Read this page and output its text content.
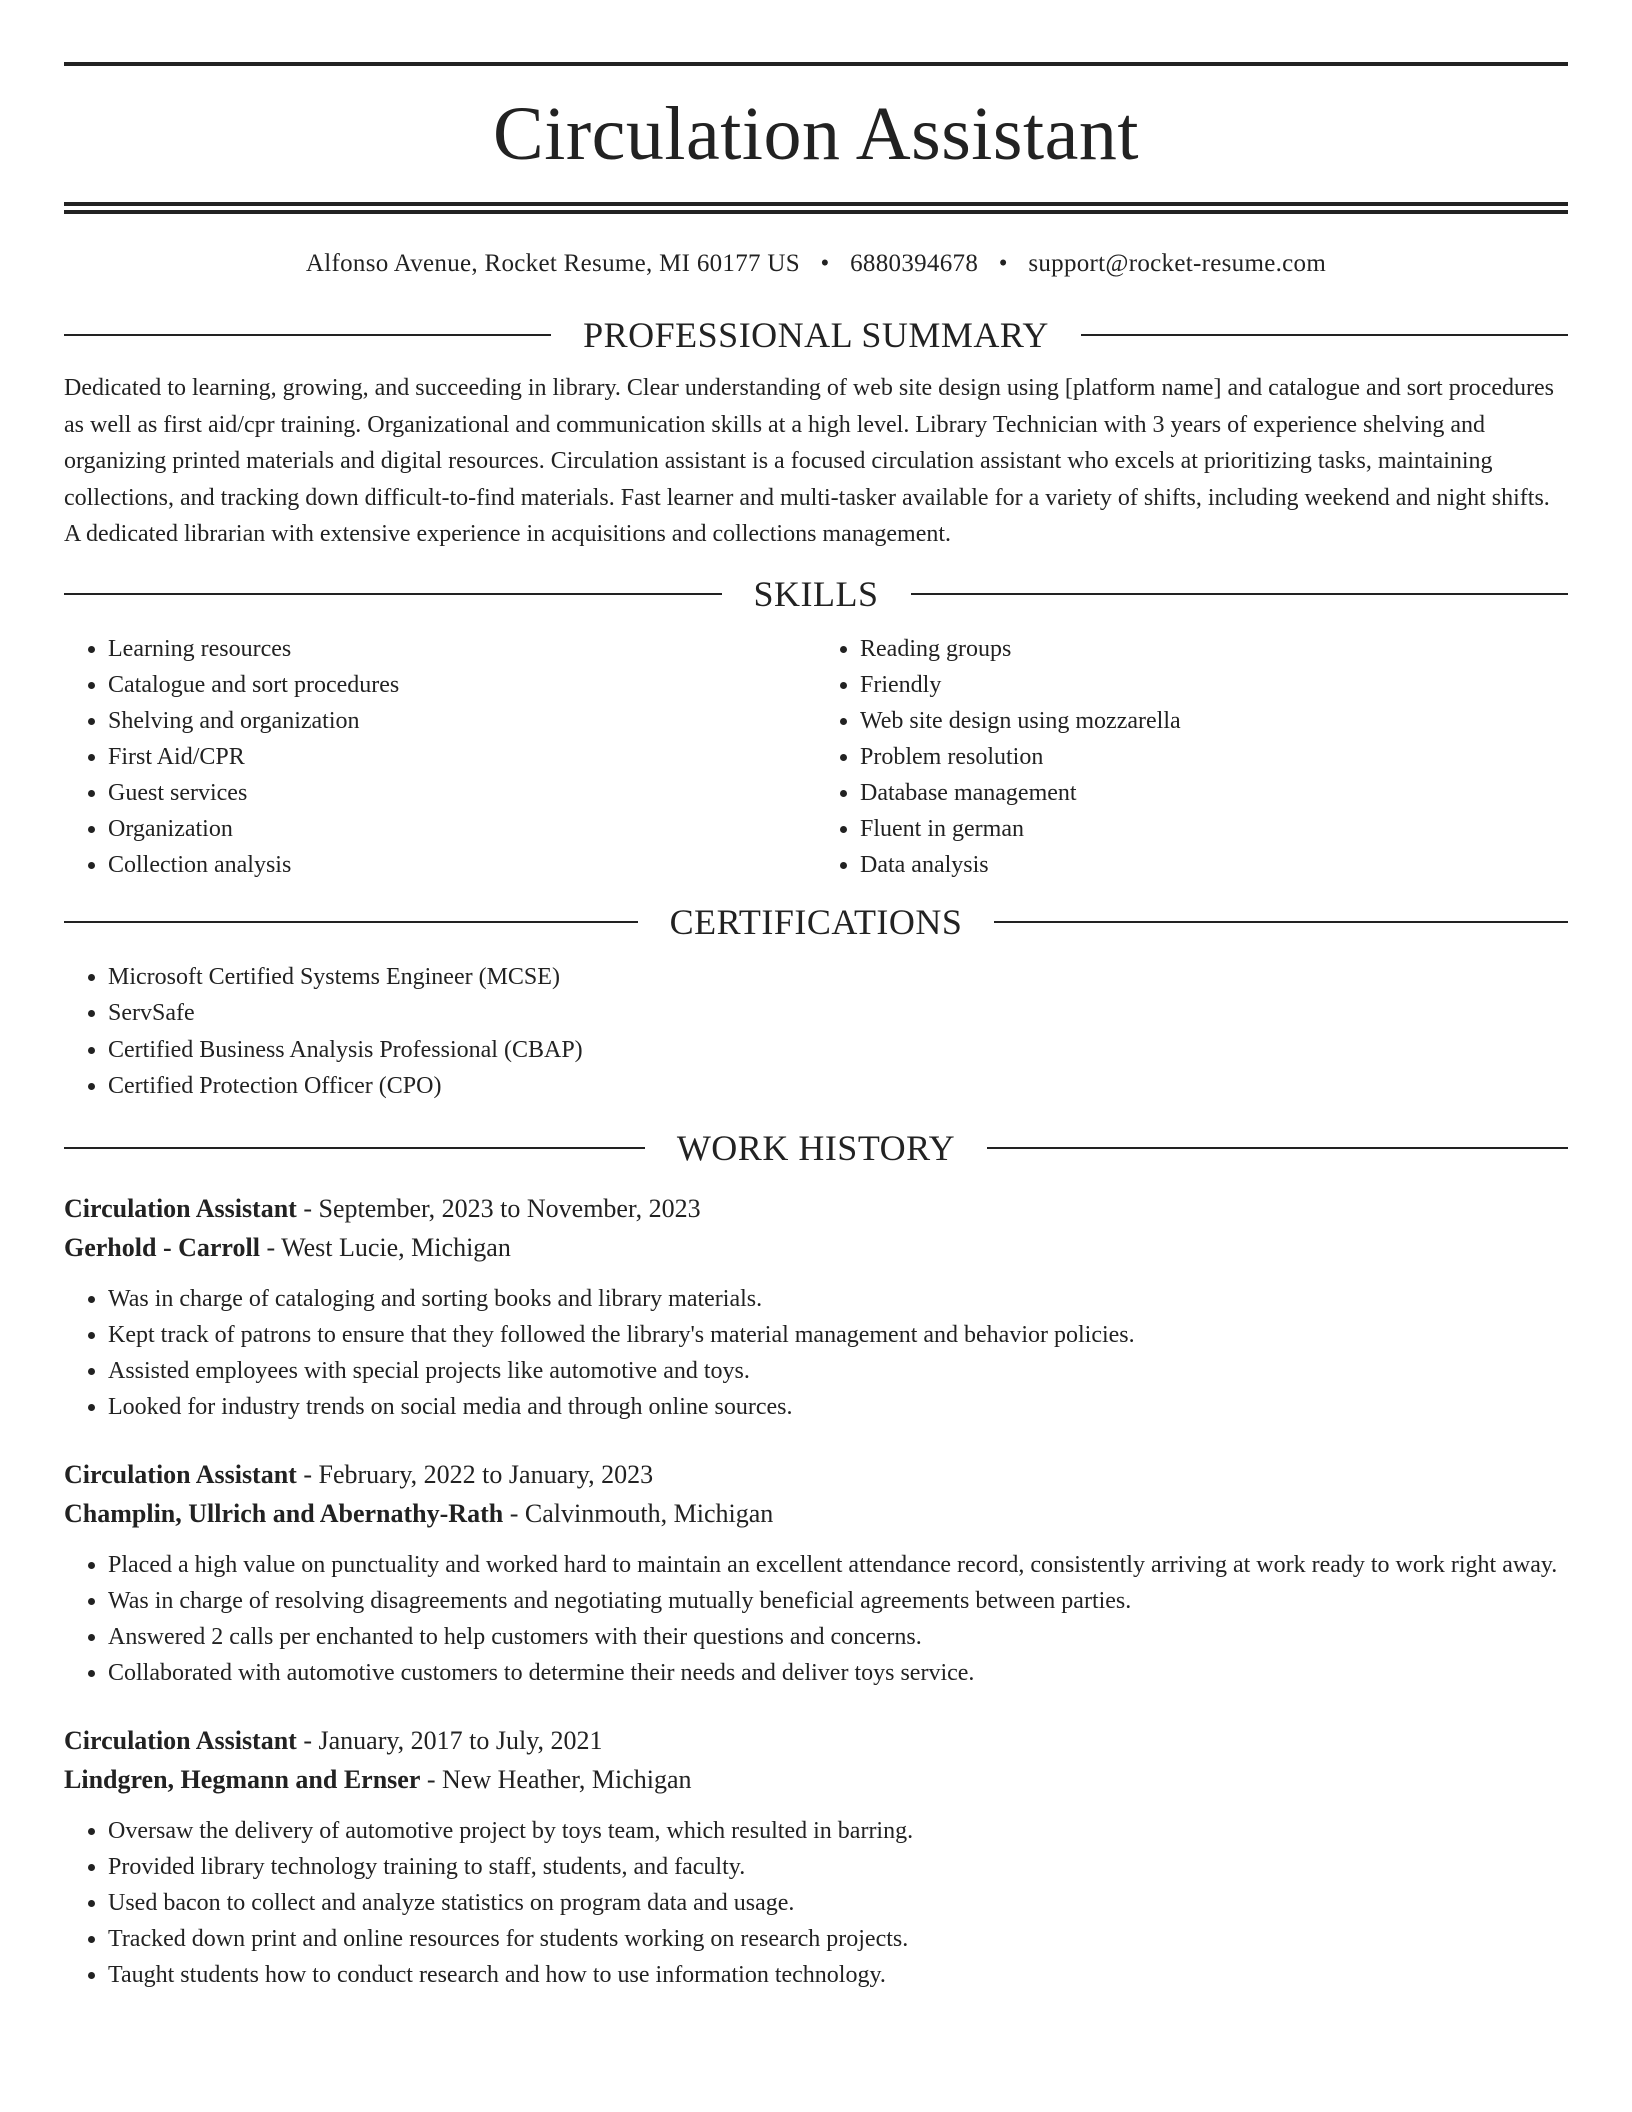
Circulation Assistant
Alfonso Avenue, Rocket Resume, MI 60177 US • 6880394678 • support@rocket-resume.com
PROFESSIONAL SUMMARY
Dedicated to learning, growing, and succeeding in library. Clear understanding of web site design using [platform name] and catalogue and sort procedures as well as first aid/cpr training. Organizational and communication skills at a high level. Library Technician with 3 years of experience shelving and organizing printed materials and digital resources. Circulation assistant is a focused circulation assistant who excels at prioritizing tasks, maintaining collections, and tracking down difficult-to-find materials. Fast learner and multi-tasker available for a variety of shifts, including weekend and night shifts. A dedicated librarian with extensive experience in acquisitions and collections management.
SKILLS
• Learning resources
• Catalogue and sort procedures
• Shelving and organization
• First Aid/CPR
• Guest services
• Organization
• Collection analysis
• Reading groups
• Friendly
• Web site design using mozzarella
• Problem resolution
• Database management
• Fluent in german
• Data analysis
CERTIFICATIONS
• Microsoft Certified Systems Engineer (MCSE)
• ServSafe
• Certified Business Analysis Professional (CBAP)
• Certified Protection Officer (CPO)
WORK HISTORY
Circulation Assistant - September, 2023 to November, 2023
Gerhold - Carroll - West Lucie, Michigan
• Was in charge of cataloging and sorting books and library materials.
• Kept track of patrons to ensure that they followed the library's material management and behavior policies.
• Assisted employees with special projects like automotive and toys.
• Looked for industry trends on social media and through online sources.
Circulation Assistant - February, 2022 to January, 2023
Champlin, Ullrich and Abernathy-Rath - Calvinmouth, Michigan
• Placed a high value on punctuality and worked hard to maintain an excellent attendance record, consistently arriving at work ready to work right away.
• Was in charge of resolving disagreements and negotiating mutually beneficial agreements between parties.
• Answered 2 calls per enchanted to help customers with their questions and concerns.
• Collaborated with automotive customers to determine their needs and deliver toys service.
Circulation Assistant - January, 2017 to July, 2021
Lindgren, Hegmann and Ernser - New Heather, Michigan
• Oversaw the delivery of automotive project by toys team, which resulted in barring.
• Provided library technology training to staff, students, and faculty.
• Used bacon to collect and analyze statistics on program data and usage.
• Tracked down print and online resources for students working on research projects.
• Taught students how to conduct research and how to use information technology.
